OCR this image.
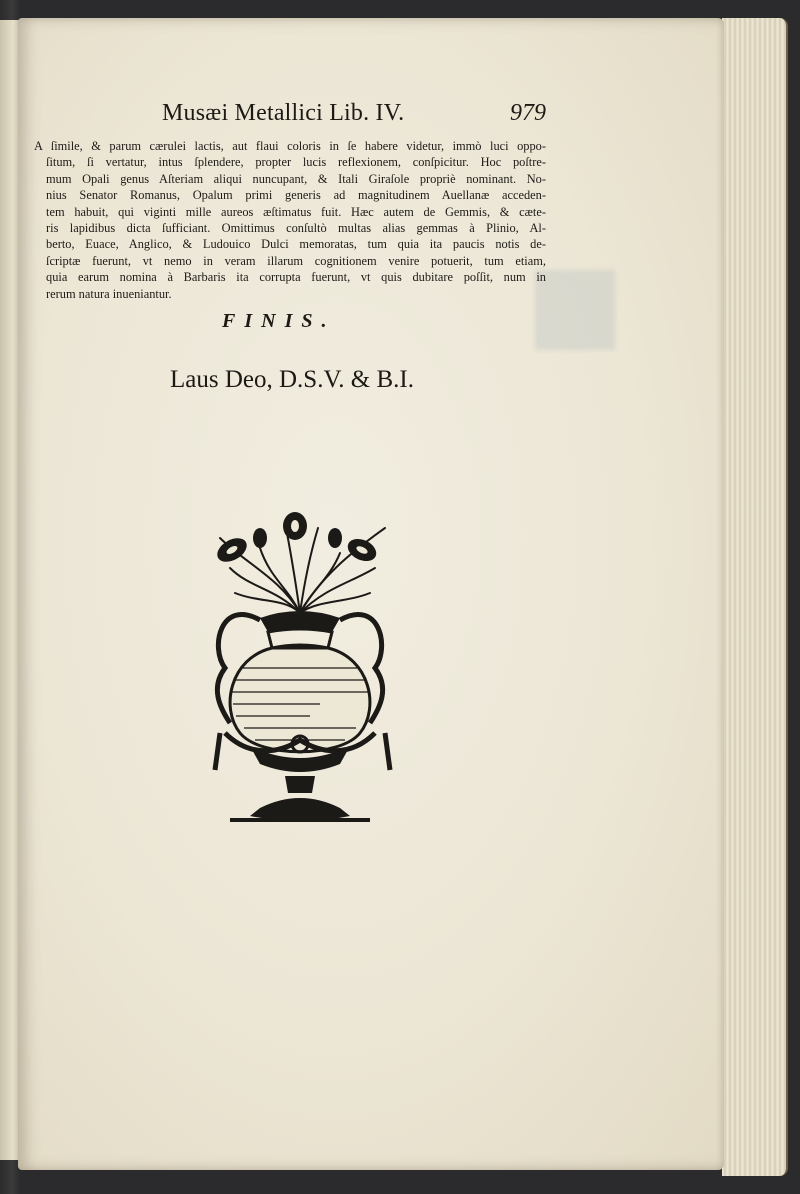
Musæi Metallici Lib. IV.	979
A ſimile, & parum cærulei lactis, aut flaui coloris in ſe habere videtur, immò luci oppo-
ſitum, ſi vertatur, intus ſplendere, propter lucis reflexionem, conſpicitur. Hoc poſtre-
mum Opali genus Aſteriam aliqui nuncupant, & Itali Giraſole propriè nominant. No-
nius Senator Romanus, Opalum primi generis ad magnitudinem Auellanæ acceden-
tem habuit, qui viginti mille aureos æſtimatus fuit. Hæc autem de Gemmis, & cæte-
ris lapidibus dicta ſufficiant. Omittimus conſultò multas alias gemmas à Plinio, Al-
berto, Euace, Anglico, & Ludouico Dulci memoratas, tum quia ita paucis notis de-
ſcriptæ fuerunt, vt nemo in veram illarum cognitionem venire potuerit, tum etiam,
quia earum nomina à Barbaris ita corrupta fuerunt, vt quis dubitare poſſit, num in
rerum natura inueniantur.
FINIS.
Laus Deo, D.S.V. & B.I.
